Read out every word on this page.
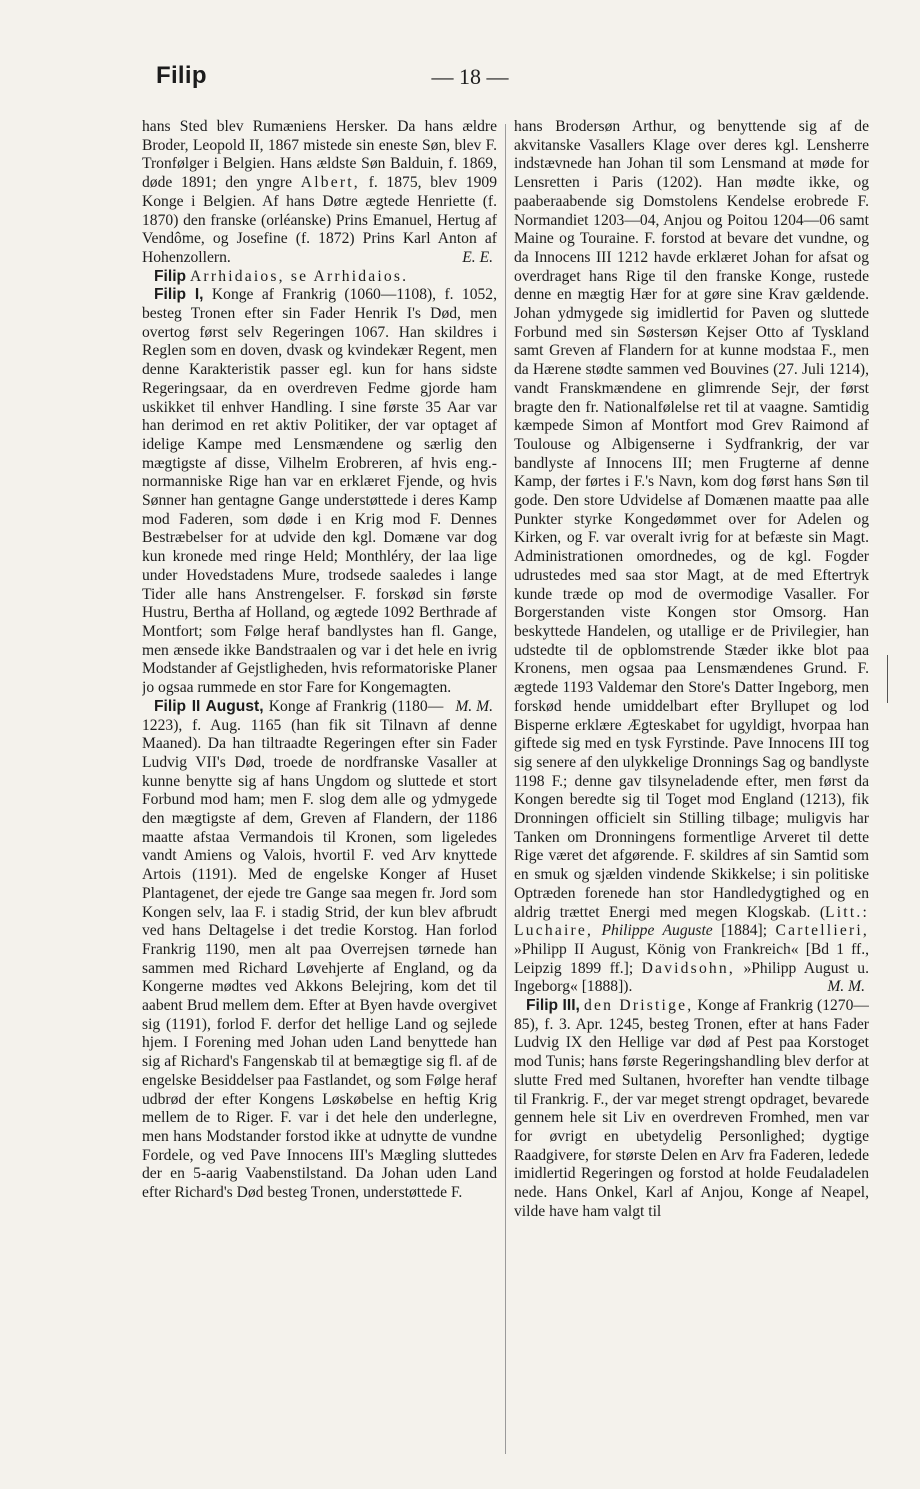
Filip	— 18 —

hans Sted blev Rumæniens Hersker. Da hans ældre Broder, Leopold II, 1867 mistede sin eneste Søn, blev F. Tronfølger i Belgien. Hans ældste Søn Balduin, f. 1869, døde 1891; den yngre Albert, f. 1875, blev 1909 Konge i Belgien. Af hans Døtre ægtede Henriette (f. 1870) den franske (orléanske) Prins Emanuel, Hertug af Vendôme, og Josefine (f. 1872) Prins Karl Anton af Hohenzollern.	E. E.

Filip Arrhidaios, se Arrhidaios.

Filip I, Konge af Frankrig (1060—1108), f. 1052, besteg Tronen efter sin Fader Henrik I's Død, men overtog først selv Regeringen 1067. Han skildres i Reglen som en doven, dvask og kvindekær Regent, men denne Karakteristik passer egl. kun for hans sidste Regeringsaar, da en overdreven Fedme gjorde ham uskikket til enhver Handling. I sine første 35 Aar var han derimod en ret aktiv Politiker, der var optaget af idelige Kampe med Lensmændene og særlig den mægtigste af disse, Vilhelm Erobreren, af hvis eng.-normanniske Rige han var en erklæret Fjende, og hvis Sønner han gentagne Gange understøttede i deres Kamp mod Faderen, som døde i en Krig mod F. Dennes Bestræbelser for at udvide den kgl. Domæne var dog kun kronede med ringe Held; Monthléry, der laa lige under Hovedstadens Mure, trodsede saaledes i lange Tider alle hans Anstrengelser. F. forskød sin første Hustru, Bertha af Holland, og ægtede 1092 Berthrade af Montfort; som Følge heraf bandlystes han fl. Gange, men ænsede ikke Bandstraalen og var i det hele en ivrig Modstander af Gejstligheden, hvis reformatoriske Planer jo ogsaa rummede en stor Fare for Kongemagten.
M. M.

Filip II August, Konge af Frankrig (1180—1223), f. Aug. 1165 (han fik sit Tilnavn af denne Maaned). Da han tiltraadte Regeringen efter sin Fader Ludvig VII's Død, troede de nordfranske Vasaller at kunne benytte sig af hans Ungdom og sluttede et stort Forbund mod ham; men F. slog dem alle og ydmygede den mægtigste af dem, Greven af Flandern, der 1186 maatte afstaa Vermandois til Kronen, som ligeledes vandt Amiens og Valois, hvortil F. ved Arv knyttede Artois (1191). Med de engelske Konger af Huset Plantagenet, der ejede tre Gange saa megen fr. Jord som Kongen selv, laa F. i stadig Strid, der kun blev afbrudt ved hans Deltagelse i det tredie Korstog. Han forlod Frankrig 1190, men alt paa Overrejsen tørnede han sammen med Richard Løvehjerte af England, og da Kongerne mødtes ved Akkons Belejring, kom det til aabent Brud mellem dem. Efter at Byen havde overgivet sig (1191), forlod F. derfor det hellige Land og sejlede hjem. I Forening med Johan uden Land benyttede han sig af Richard's Fangenskab til at bemægtige sig fl. af de engelske Besiddelser paa Fastlandet, og som Følge heraf udbrød der efter Kongens Løskøbelse en heftig Krig mellem de to Riger. F. var i det hele den underlegne, men hans Modstander forstod ikke at udnytte de vundne Fordele, og ved Pave Innocens III's Mægling sluttedes der en 5-aarig Vaabenstilstand. Da Johan uden Land efter Richard's Død besteg Tronen, understøttede F.

hans Brodersøn Arthur, og benyttende sig af de akvitanske Vasallers Klage over deres kgl. Lensherre indstævnede han Johan til som Lensmand at møde for Lensretten i Paris (1202). Han mødte ikke, og paaberaabende sig Domstolens Kendelse erobrede F. Normandiet 1203—04, Anjou og Poitou 1204—06 samt Maine og Touraine. F. forstod at bevare det vundne, og da Innocens III 1212 havde erklæret Johan for afsat og overdraget hans Rige til den franske Konge, rustede denne en mægtig Hær for at gøre sine Krav gældende. Johan ydmygede sig imidlertid for Paven og sluttede Forbund med sin Søstersøn Kejser Otto af Tyskland samt Greven af Flandern for at kunne modstaa F., men da Hærene stødte sammen ved Bouvines (27. Juli 1214), vandt Franskmændene en glimrende Sejr, der først bragte den fr. Nationalfølelse ret til at vaagne. Samtidig kæmpede Simon af Montfort mod Grev Raimond af Toulouse og Albigenserne i Sydfrankrig, der var bandlyste af Innocens III; men Frugterne af denne Kamp, der førtes i F.'s Navn, kom dog først hans Søn til gode. Den store Udvidelse af Domænen maatte paa alle Punkter styrke Kongedømmet over for Adelen og Kirken, og F. var overalt ivrig for at befæste sin Magt. Administrationen omordnedes, og de kgl. Fogder udrustedes med saa stor Magt, at de med Eftertryk kunde træde op mod de overmodige Vasaller. For Borgerstanden viste Kongen stor Omsorg. Han beskyttede Handelen, og utallige er de Privilegier, han udstedte til de opblomstrende Stæder ikke blot paa Kronens, men ogsaa paa Lensmændenes Grund. F. ægtede 1193 Valdemar den Store's Datter Ingeborg, men forskød hende umiddelbart efter Bryllupet og lod Bisperne erklære Ægteskabet for ugyldigt, hvorpaa han giftede sig med en tysk Fyrstinde. Pave Innocens III tog sig senere af den ulykkelige Dronnings Sag og bandlyste 1198 F.; denne gav tilsyneladende efter, men først da Kongen beredte sig til Toget mod England (1213), fik Dronningen officielt sin Stilling tilbage; muligvis har Tanken om Dronningens formentlige Arveret til dette Rige været det afgørende. F. skildres af sin Samtid som en smuk og sjælden vindende Skikkelse; i sin politiske Optræden forenede han stor Handledygtighed og en aldrig trættet Energi med megen Klogskab. (Litt.: Luchaire, Philippe Auguste [1884]; Cartellieri, »Philipp II August, König von Frankreich« [Bd 1 ff., Leipzig 1899 ff.]; Davidsohn, »Philipp August u. Ingeborg« [1888]).	M. M.

Filip III, den Dristige, Konge af Frankrig (1270—85), f. 3. Apr. 1245, besteg Tronen, efter at hans Fader Ludvig IX den Hellige var død af Pest paa Korstoget mod Tunis; hans første Regeringshandling blev derfor at slutte Fred med Sultanen, hvorefter han vendte tilbage til Frankrig. F., der var meget strengt opdraget, bevarede gennem hele sit Liv en overdreven Fromhed, men var for øvrigt en ubetydelig Personlighed; dygtige Raadgivere, for største Delen en Arv fra Faderen, ledede imidlertid Regeringen og forstod at holde Feudaladelen nede. Hans Onkel, Karl af Anjou, Konge af Neapel, vilde have ham valgt til
